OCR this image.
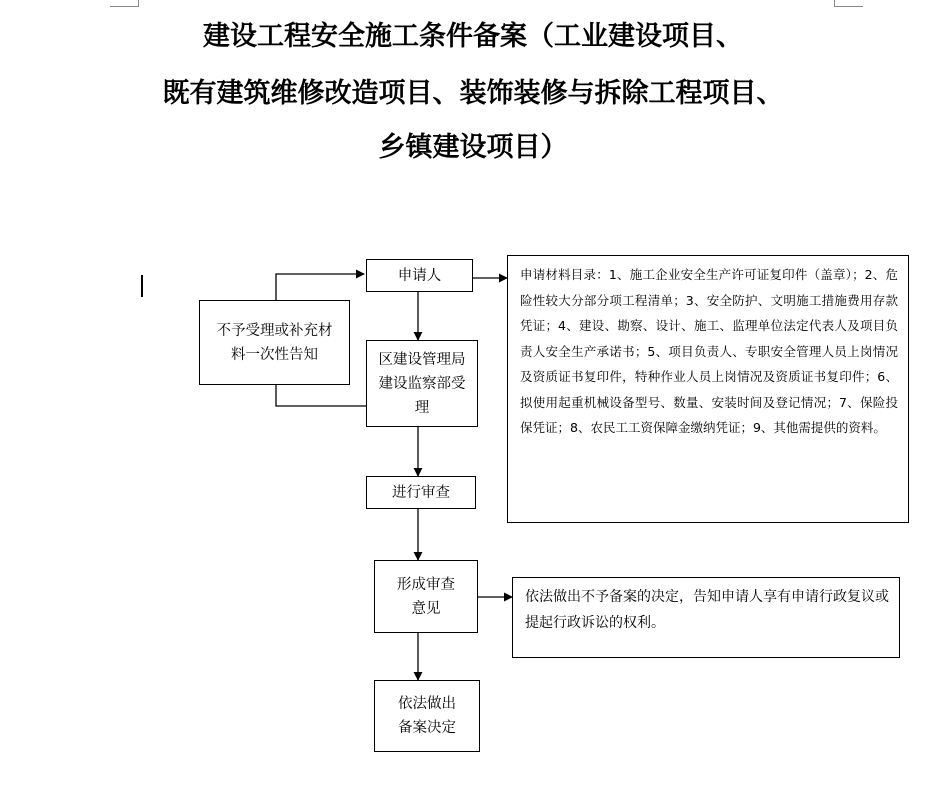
建设工程安全施工条件备案（工业建设项目、
既有建筑维修改造项目、装饰装修与拆除工程项目、
乡镇建设项目）
申请人
不予受理或补充材料一次性告知	区建设管理局建设监察部受理
进行审查
形成审查意见
依法做出备案决定
申请材料目录：1、施工企业安全生产许可证复印件（盖章）；2、危险性较大分部分项工程清单；3、安全防护、文明施工措施费用存款凭证；4、建设、勘察、设计、施工、监理单位法定代表人及项目负责人安全生产承诺书；5、项目负责人、专职安全管理人员上岗情况及资质证书复印件，特种作业人员上岗情况及资质证书复印件；6、拟使用起重机械设备型号、数量、安装时间及登记情况；7、保险投保凭证；8、农民工工资保障金缴纳凭证；9、其他需提供的资料。
依法做出不予备案的决定，告知申请人享有申请行政复议或提起行政诉讼的权利。
